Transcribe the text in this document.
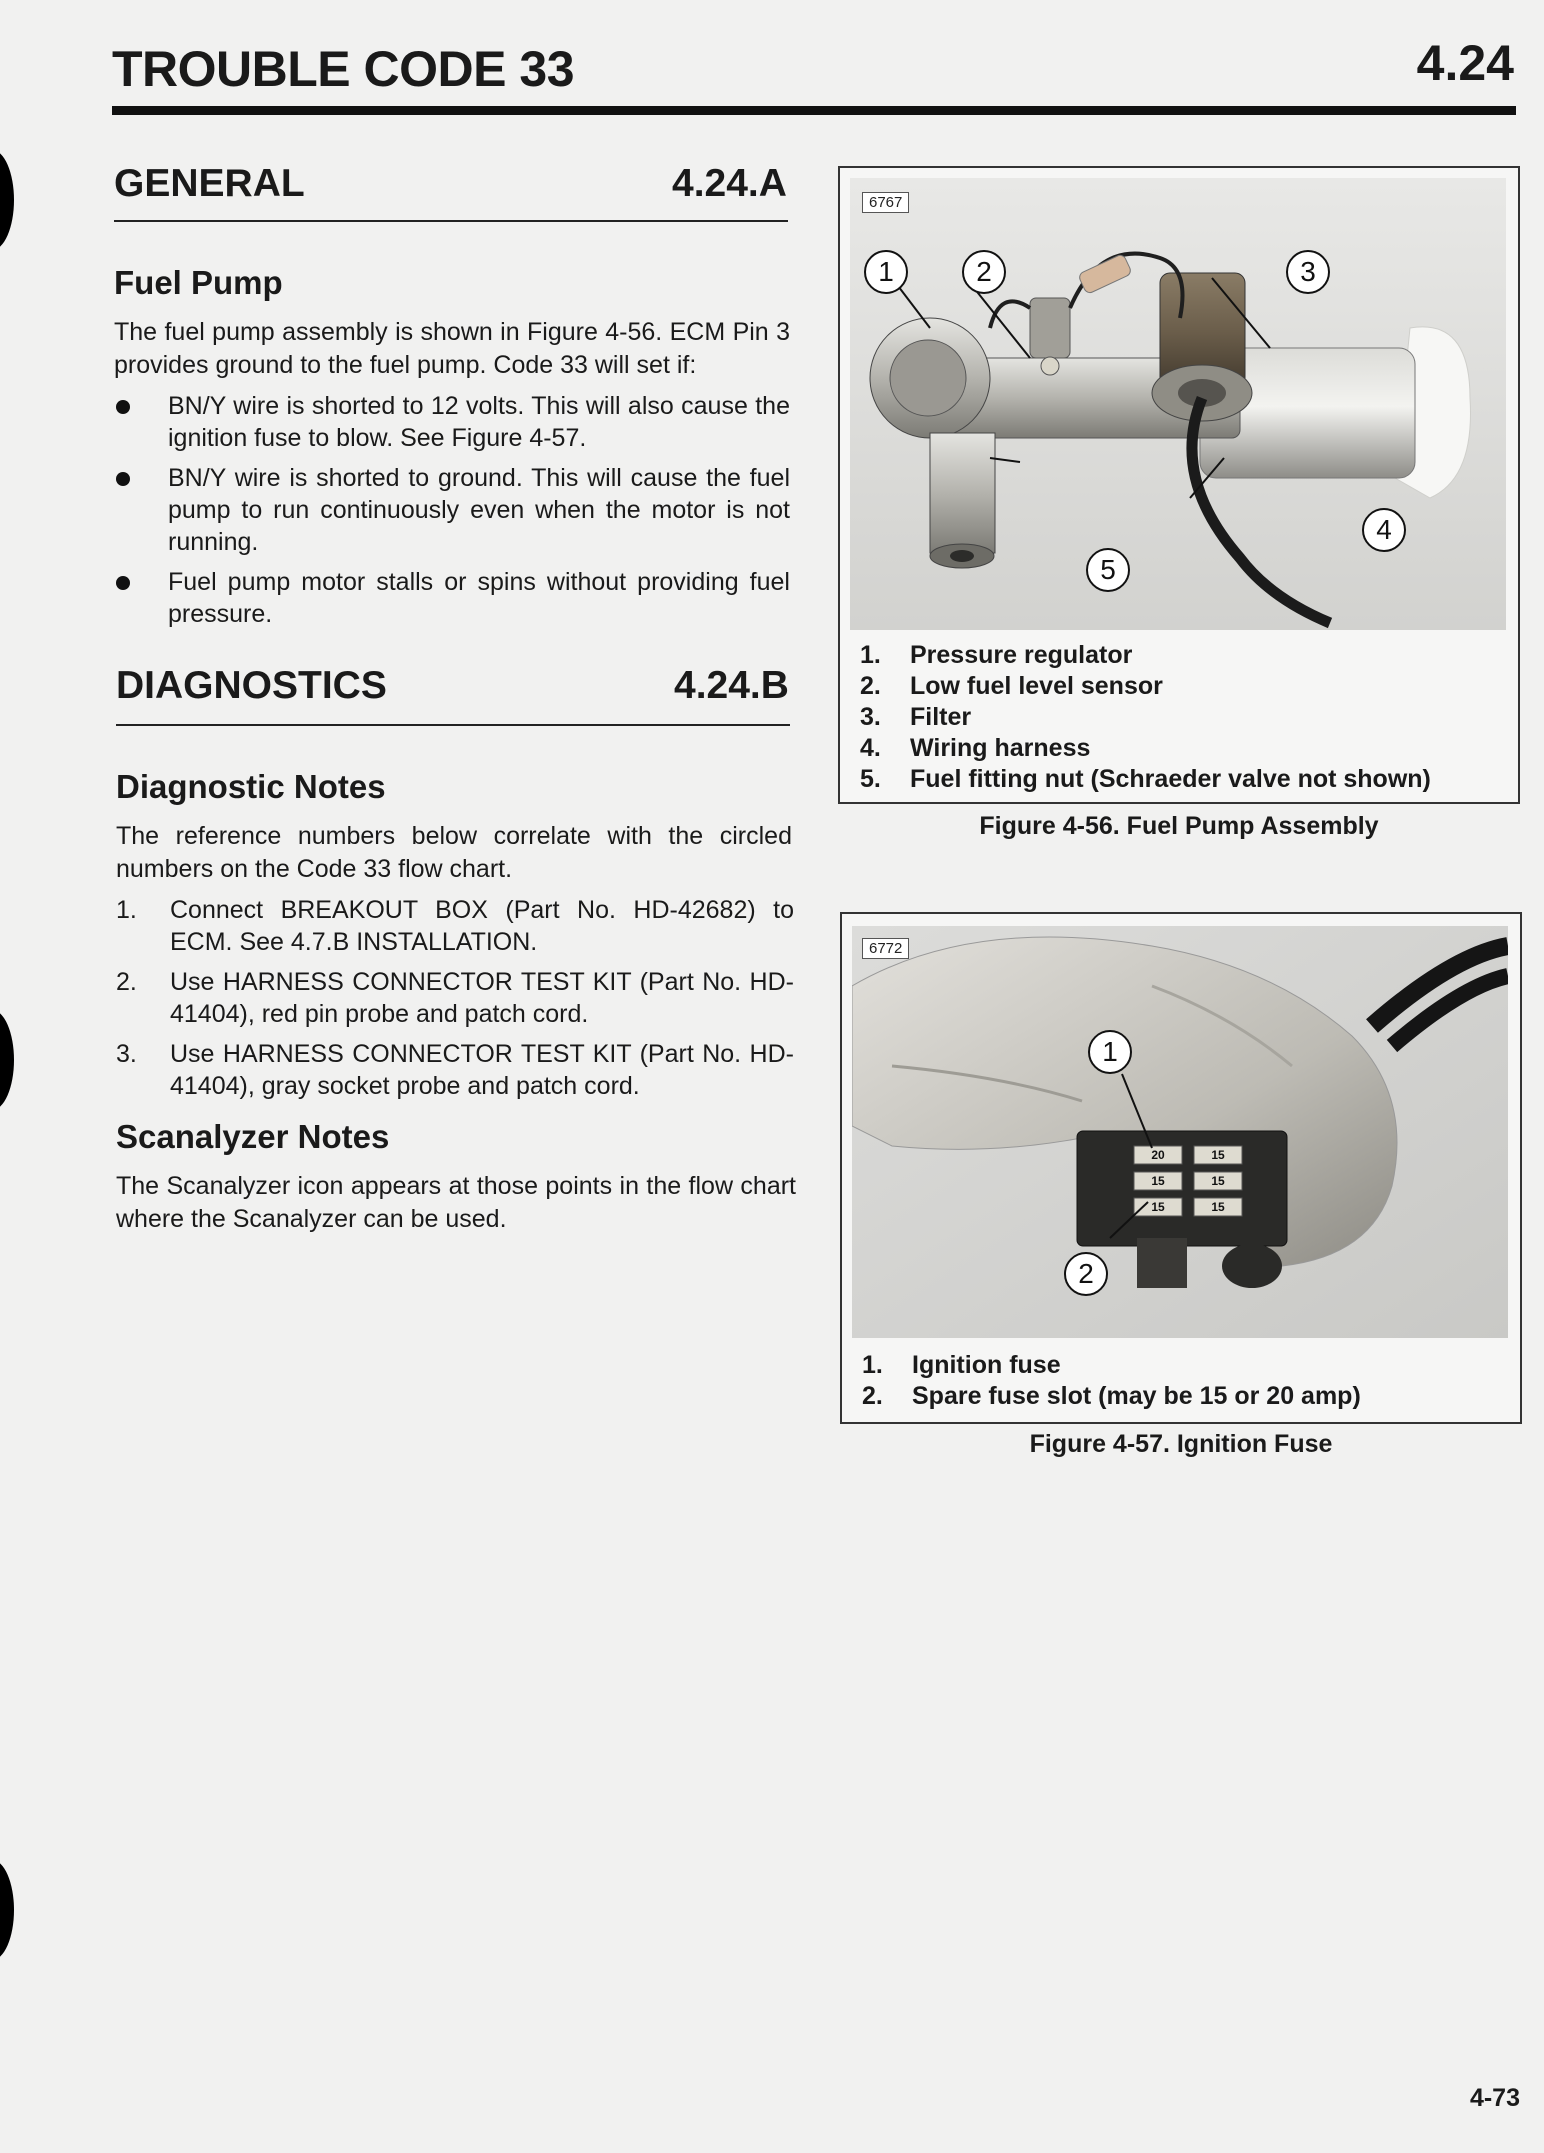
TROUBLE CODE 33	4.24
GENERAL	4.24.A
Fuel Pump
The fuel pump assembly is shown in Figure 4-56. ECM Pin 3 provides ground to the fuel pump. Code 33 will set if:
BN/Y wire is shorted to 12 volts. This will also cause the ignition fuse to blow. See Figure 4-57.
BN/Y wire is shorted to ground. This will cause the fuel pump to run continuously even when the motor is not running.
Fuel pump motor stalls or spins without providing fuel pressure.
DIAGNOSTICS	4.24.B
Diagnostic Notes
The reference numbers below correlate with the circled numbers on the Code 33 flow chart.
1. Connect BREAKOUT BOX (Part No. HD-42682) to ECM. See 4.7.B INSTALLATION.
2. Use HARNESS CONNECTOR TEST KIT (Part No. HD-41404), red pin probe and patch cord.
3. Use HARNESS CONNECTOR TEST KIT (Part No. HD-41404), gray socket probe and patch cord.
Scanalyzer Notes
The Scanalyzer icon appears at those points in the flow chart where the Scanalyzer can be used.
6767
1	2	3
4
5
1.	Pressure regulator
2.	Low fuel level sensor
3.	Filter
4.	Wiring harness
5.	Fuel fitting nut (Schraeder valve not shown)
Figure 4-56. Fuel Pump Assembly
20	15
15	15
15	15
6772
1
2
1.	Ignition fuse
2.	Spare fuse slot (may be 15 or 20 amp)
Figure 4-57. Ignition Fuse
4-73
